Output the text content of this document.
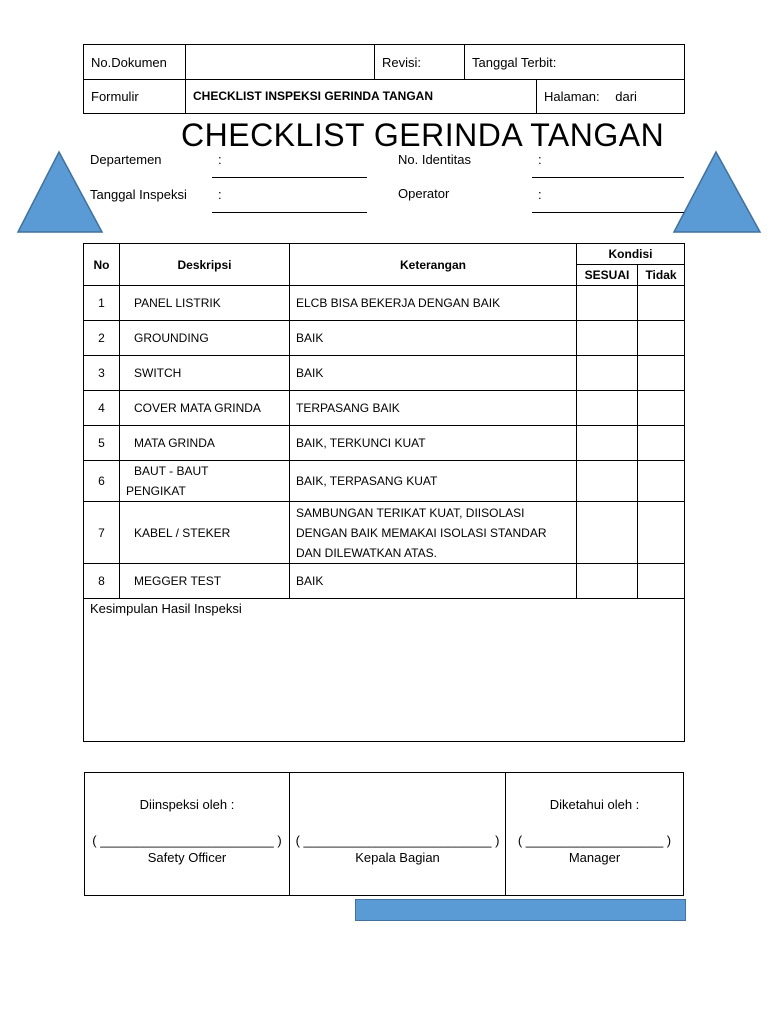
No.Dokumen		Revisi:	Tanggal Terbit:
Formulir	CHECKLIST INSPEKSI GERINDA TANGAN	Halaman: dari
CHECKLIST GERINDA TANGAN
Departemen	:	No. Identitas	:
Tanggal Inspeksi :	Operator	:
No	Deskripsi	Keterangan	Kondisi	
			SESUAI	Tidak
1	PANEL LISTRIK	ELCB BISA BEKERJA DENGAN BAIK		
2	GROUNDING	BAIK		
3	SWITCH	BAIK		
4	COVER MATA GRINDA	TERPASANG BAIK		
5	MATA GRINDA	BAIK, TERKUNCI KUAT		
6	BAUT - BAUT
PENGIKAT	BAIK, TERPASANG KUAT		
7	KABEL / STEKER	SAMBUNGAN TERIKAT KUAT, DIISOLASI
DENGAN BAIK MEMAKAI ISOLASI STANDAR
DAN DILEWATKAN ATAS.		

8	MEGGER TEST	BAIK		
Kesimpulan Hasil Inspeksi				
Diinspeksi oleh :
( ________________________ )
Safety Officer

( __________________________ )
Kepala Bagian

Diketahui oleh :
( ___________________ )
Manager
